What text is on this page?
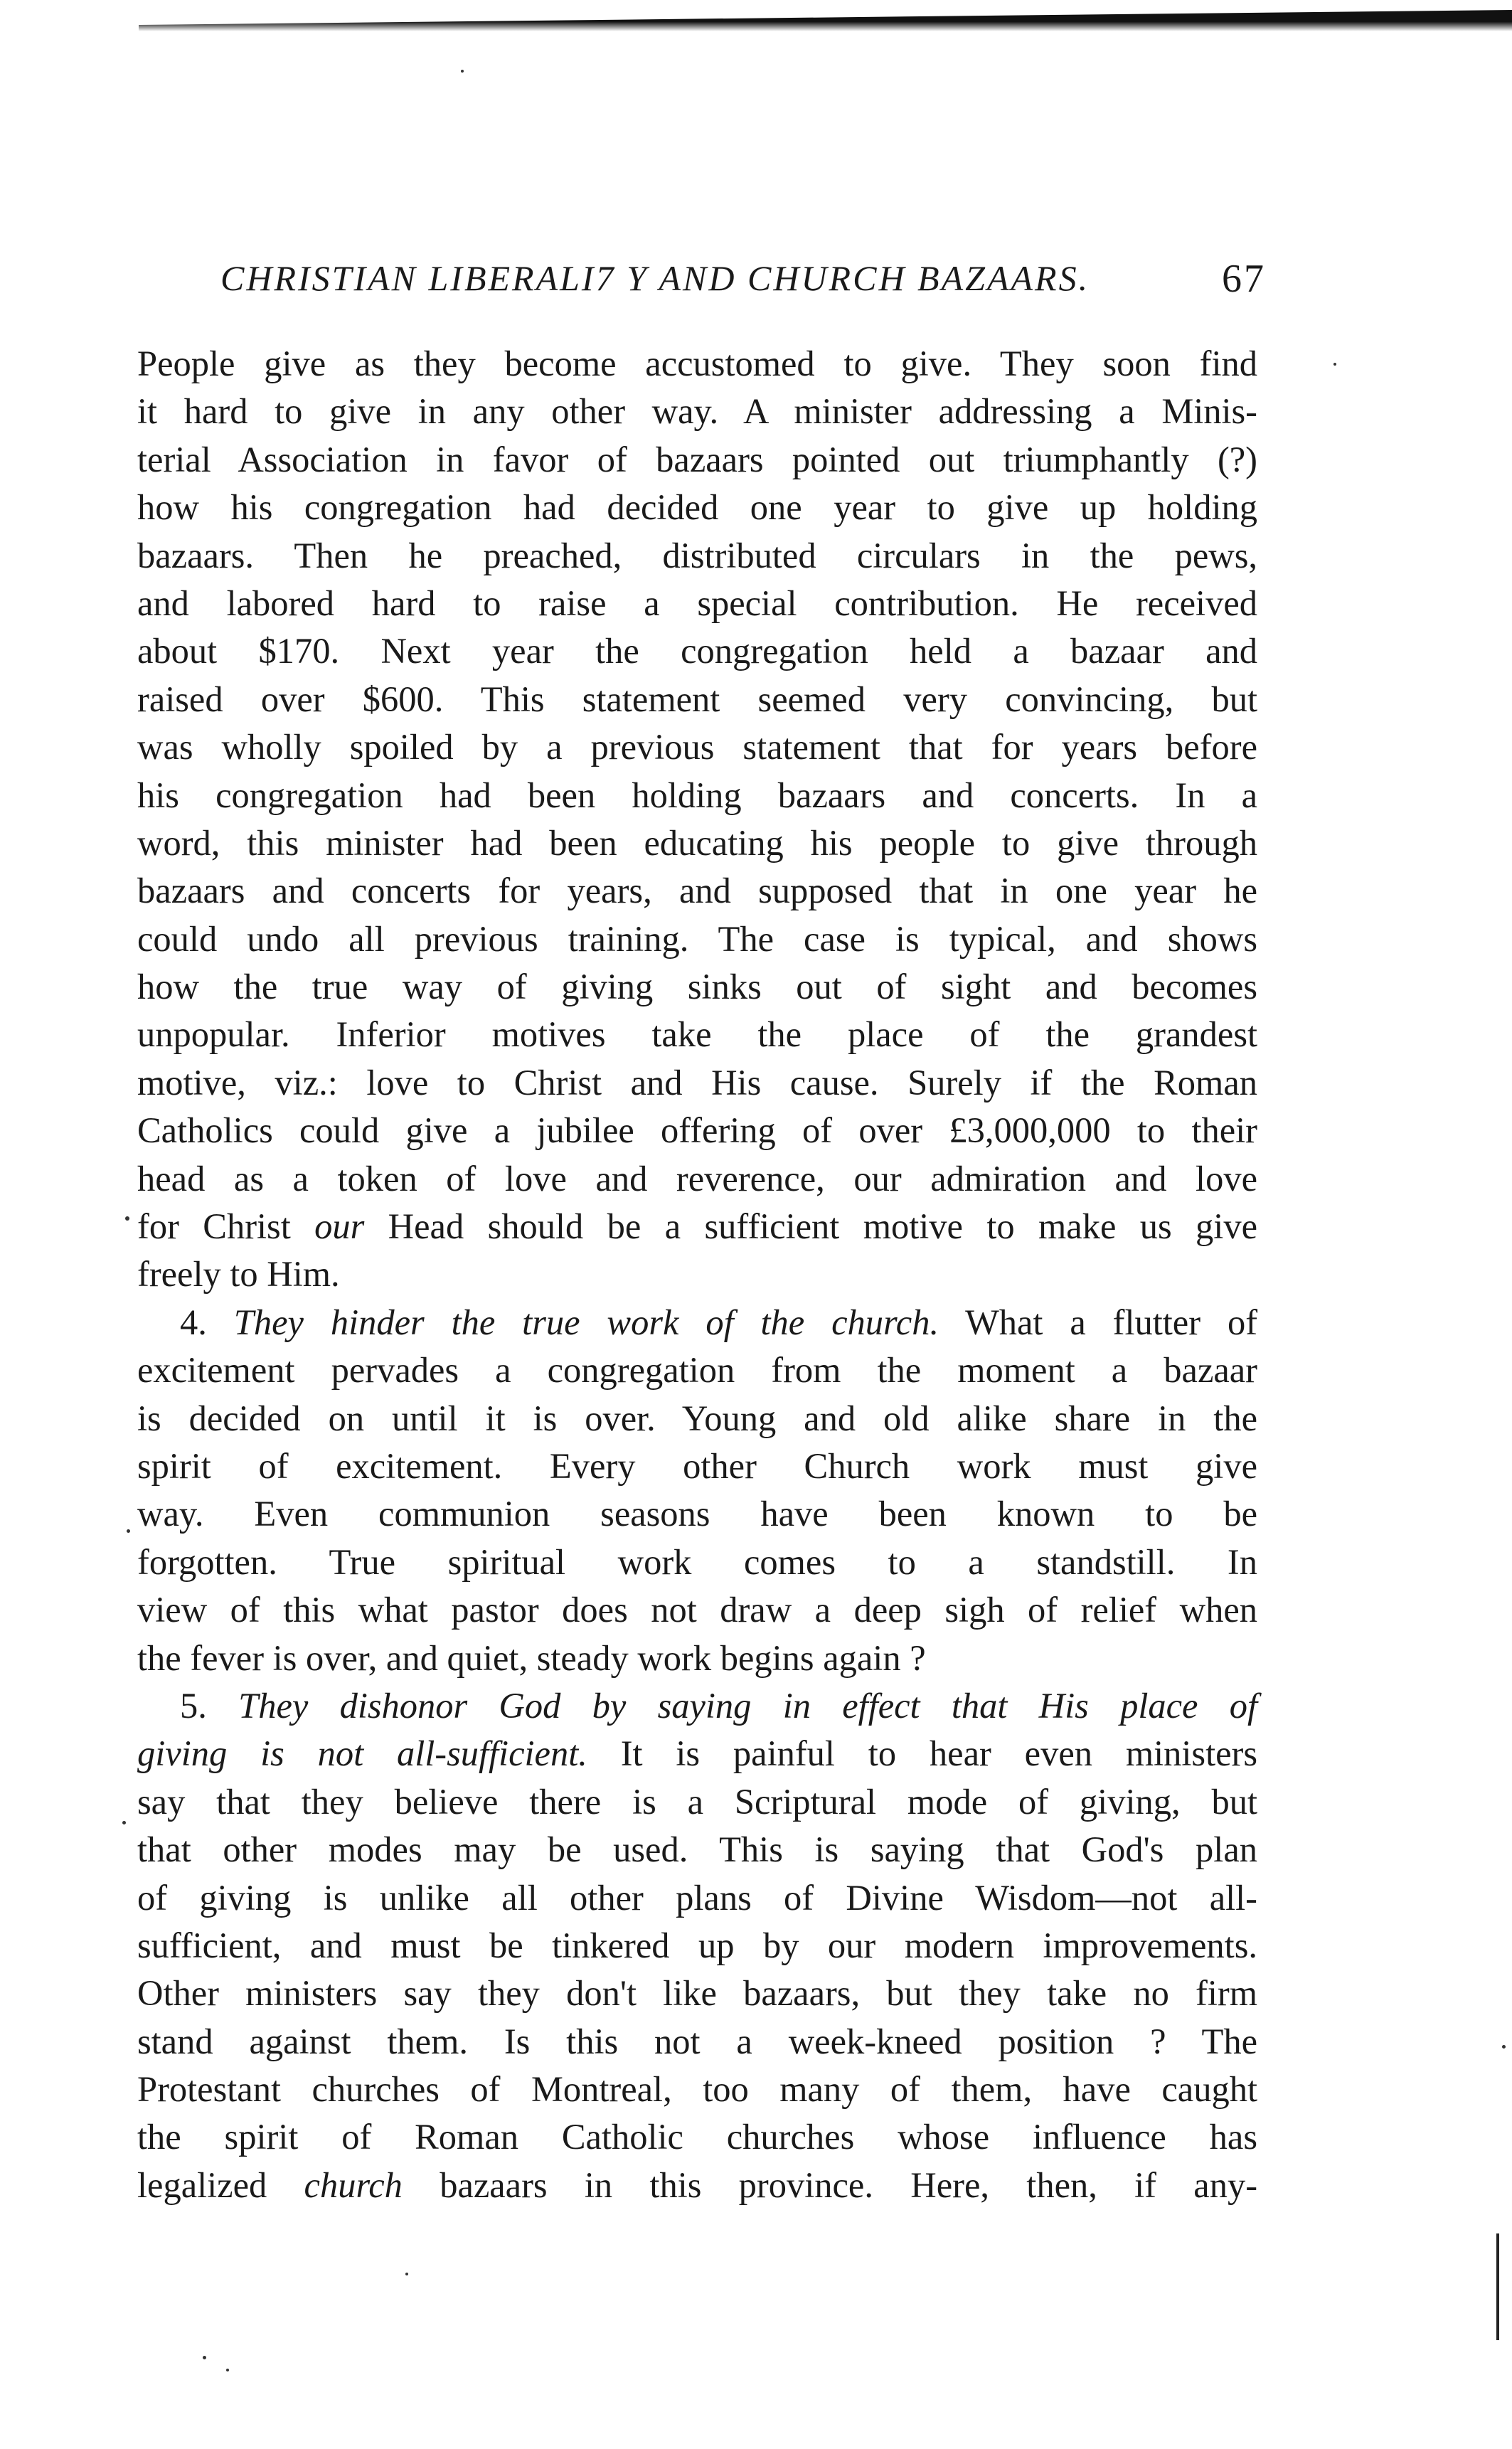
CHRISTIAN LIBERALI7 Y AND CHURCH BAZAARS.	67
People give as they become accustomed to give. They soon find
it hard to give in any other way. A minister addressing a Minis-
terial Association in favor of bazaars pointed out triumphantly (?)
how his congregation had decided one year to give up holding
bazaars. Then he preached, distributed circulars in the pews,
and labored hard to raise a special contribution. He received
about $170. Next year the congregation held a bazaar and
raised over $600. This statement seemed very convincing, but
was wholly spoiled by a previous statement that for years before
his congregation had been holding bazaars and concerts. In a
word, this minister had been educating his people to give through
bazaars and concerts for years, and supposed that in one year he
could undo all previous training. The case is typical, and shows
how the true way of giving sinks out of sight and becomes
unpopular. Inferior motives take the place of the grandest
motive, viz.: love to Christ and His cause. Surely if the Roman
Catholics could give a jubilee offering of over £3,000,000 to their
head as a token of love and reverence, our admiration and love
for Christ our Head should be a sufficient motive to make us give
freely to Him.
4. They hinder the true work of the church. What a flutter of
excitement pervades a congregation from the moment a bazaar
is decided on until it is over. Young and old alike share in the
spirit of excitement. Every other Church work must give
way. Even communion seasons have been known to be
forgotten. True spiritual work comes to a standstill. In
view of this what pastor does not draw a deep sigh of relief when
the fever is over, and quiet, steady work begins again ?
5. They dishonor God by saying in effect that His place of
giving is not all-sufficient. It is painful to hear even ministers
say that they believe there is a Scriptural mode of giving, but
that other modes may be used. This is saying that God's plan
of giving is unlike all other plans of Divine Wisdom—not all-
sufficient, and must be tinkered up by our modern improvements.
Other ministers say they don't like bazaars, but they take no firm
stand against them. Is this not a week-kneed position ? The
Protestant churches of Montreal, too many of them, have caught
the spirit of Roman Catholic churches whose influence has
legalized church bazaars in this province. Here, then, if any-
